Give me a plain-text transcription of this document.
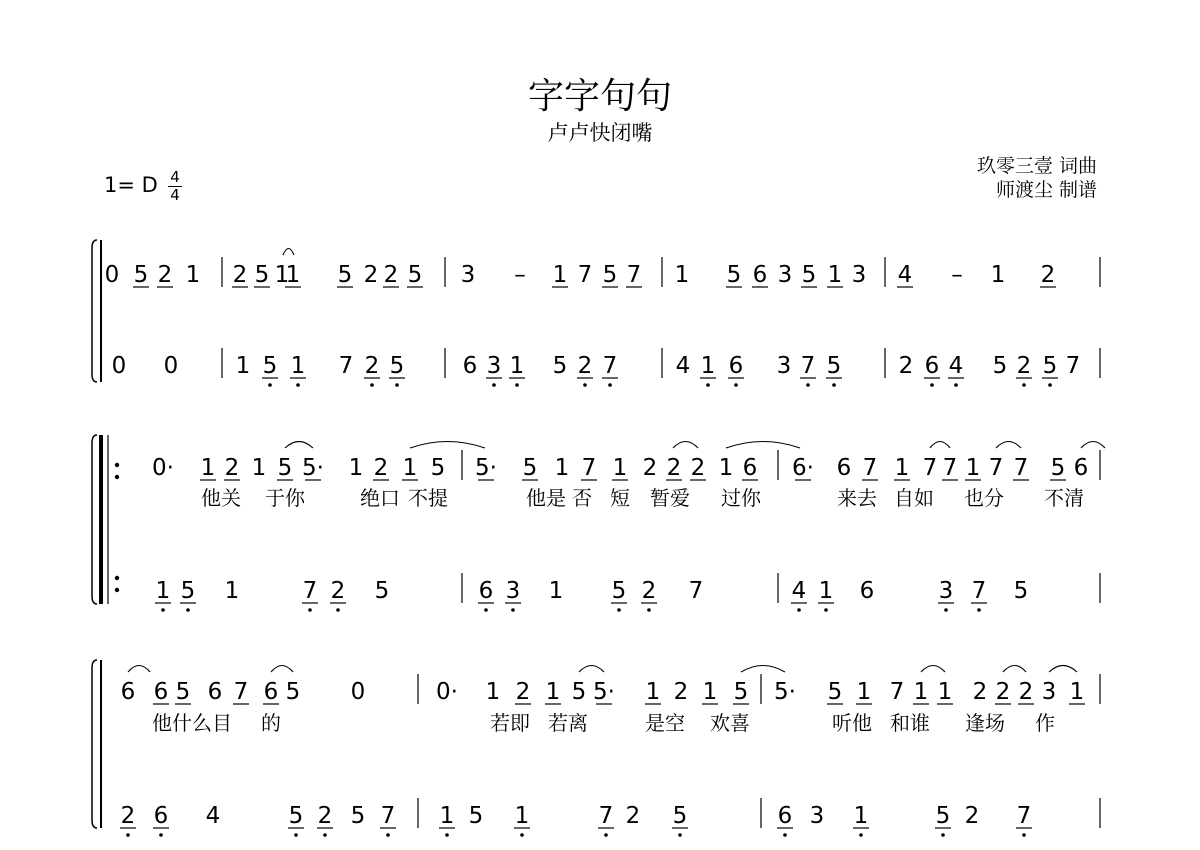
字字句句
卢卢快闭嘴
玖零三壹 词曲
师渡尘 制谱
1= D 4
4
0 5 2 1 2 5 1
1 5 2 2 5 3 – 1 7 5 7 1 5 6 3 5 1 3 4 – 1 2
0 0 1 5 1 7 2 5	6 3 1 5 2 7	4 1 6 3 7 5 2 6 4 5 2 5 7
0· 1 2 1 5 5· 1 2 1 5 5· 5 1 7 1 2 2 2 1 6 6· 6 7 1 7 7 1 7 7 5 6
1 5 1	7 2 5	6 3 1 5 2 7	4 1 6	3 7 5
他关 于你	绝口 不提	他是 否 短 暂爱 过你	来去 自如 也分 不清
6 6 5 6 7 6 5 0	0· 1 2 1 5 5· 1 2 1 5 5· 5 1 7 1 1 2 2 2 3 1
2 6 4	5 2 5 7 1 5 1	7 2 5	6 3 1	5 2 7
他什么目 的	若即 若离	是空 欢喜	听他 和谁 逢场 作
